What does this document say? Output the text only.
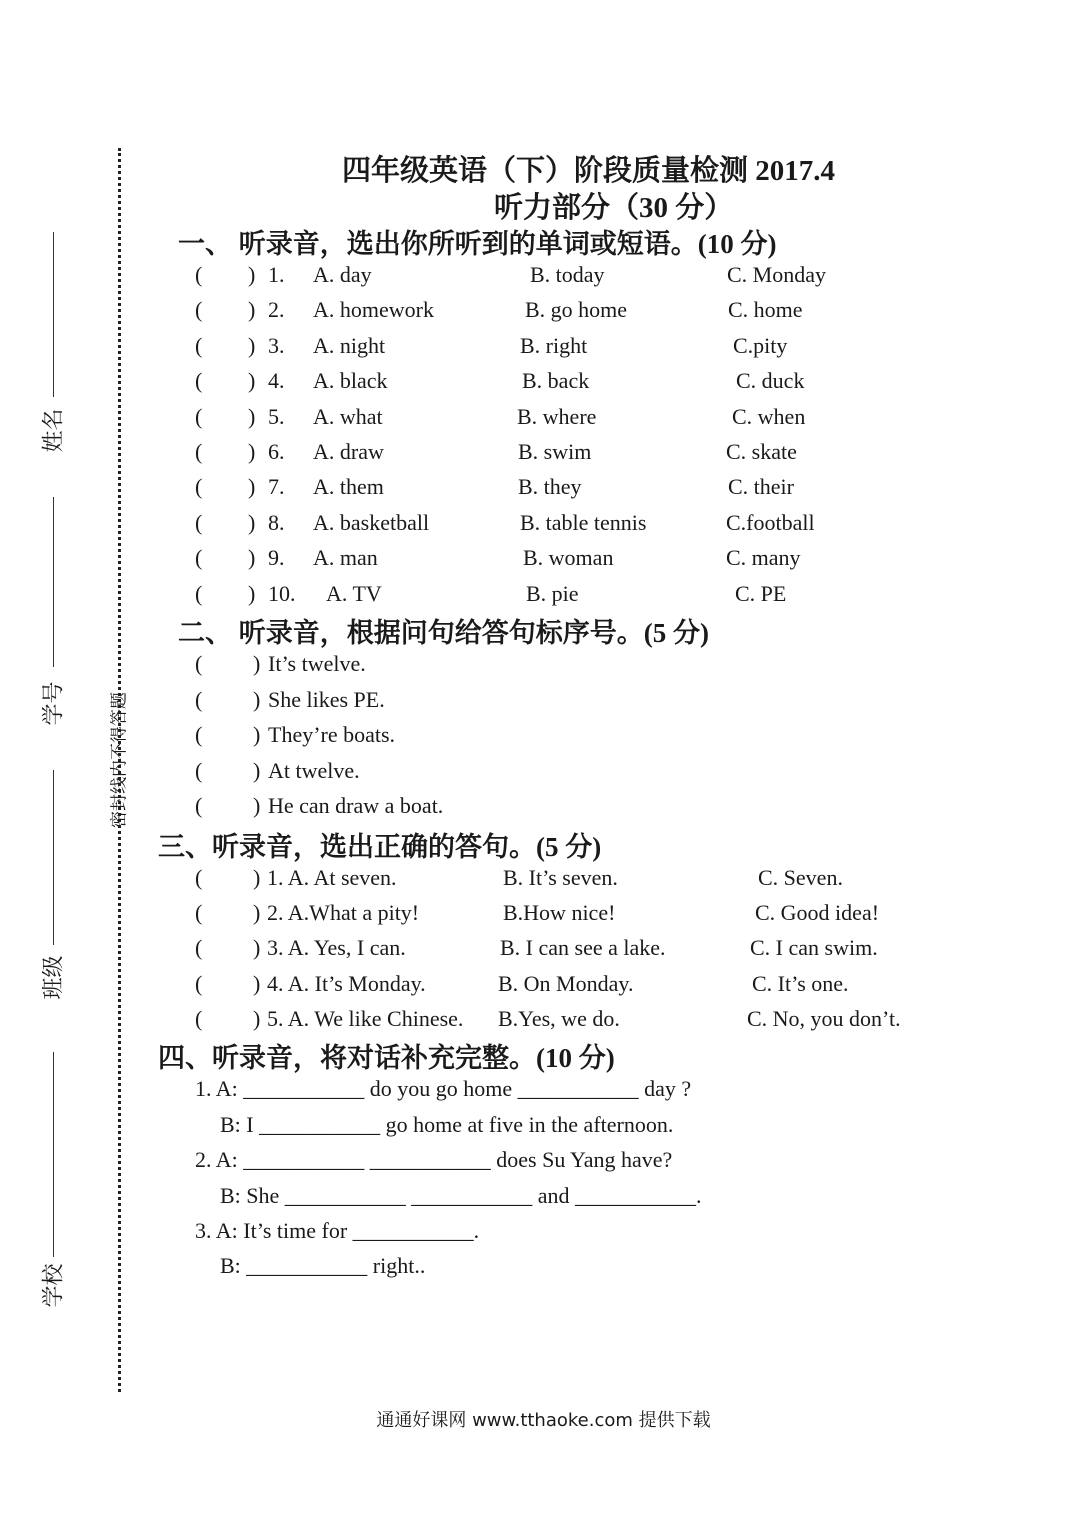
姓名
学号
班级
学校
密封线内不得答题
四年级英语（下）阶段质量检测 2017.4
听力部分（30 分）
一、 听录音，选出你所听到的单词或短语。(10 分)
( ) 1. A. day	B. today	C. Monday
( ) 2. A. homework	B. go home	C. home
( ) 3. A. night	B. right	C.pity
( ) 4. A. black	B. back	C. duck
( ) 5. A. what	B. where	C. when
( ) 6. A. draw	B. swim	C. skate
( ) 7. A. them	B. they	C. their
( ) 8. A. basketball	B. table tennis	C.football
( ) 9. A. man	B. woman	C. many
( ) 10. A. TV	B. pie	C. PE
二、 听录音，根据问句给答句标序号。(5 分)
( ) It’s twelve.
( ) She likes PE.
( ) They’re boats.
( ) At twelve.
( ) He can draw a boat.
三、听录音，选出正确的答句。(5 分)
( ) 1. A. At seven.	B. It’s seven.	C. Seven.
( ) 2. A.What a pity!	B.How nice!	C. Good idea!
( ) 3. A. Yes, I can.	B. I can see a lake.	C. I can swim.
( ) 4. A. It’s Monday.	B. On Monday.	C. It’s one.
( ) 5. A. We like Chinese. B.Yes, we do.	C. No, you don’t.
四、听录音，将对话补充完整。(10 分)
1. A: ___________ do you go home ___________ day ?
B: I ___________ go home at five in the afternoon.
2. A: ___________ ___________ does Su Yang have?
B: She ___________ ___________ and ___________.
3. A: It’s time for ___________.
B: ___________ right..
通通好课网 www.tthaoke.com 提供下载
